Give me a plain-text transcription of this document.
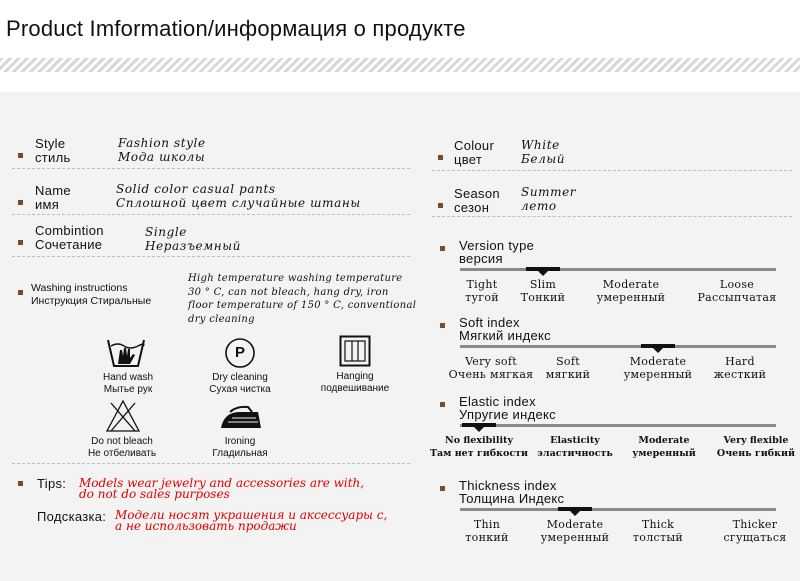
Product Imformation/информация о продукте
Style
стиль
Fashion style
Мода школы
Name
имя
Solid color casual pants
Сплошной цвет случайные штаны
Combintion
Сочетание
Single
Неразъемный
Washing instructions
Инструкция Стиральные
High temperature washing temperature
30 ° C, can not bleach, hang dry, iron
floor temperature of 150 ° C, conventional
dry cleaning
Hand wash
Мытье рук
P
Dry cleaning
Сухая чистка
Hanging
подвешивание
Do not bleach
Не отбеливать
Ironing
Гладильная
Tips: Models wear jewelry and accessories are with,
do not do sales purposes
Подсказка: Модели носят украшения и аксессуары с,
а не использовать продажи
Colour
цвет
White
Белый
Season
сезон
Summer
лето
Version type
версия
Tight
тугой
Slim
Тонкий
Moderate
умеренный
Loose
Рассыпчатая
Soft index
Мягкий индекс
Very soft
Очень мягкая
Soft
мягкий
Moderate
умеренный
Hard
жесткий
Elastic index
Упругие индекс
No flexibility
Там нет гибкости
Elasticity
эластичность
Moderate
умеренный
Very flexible
Очень гибкий
Thickness index
Толщина Индекс
Thin
тонкий
Moderate
умеренный
Thick
толстый
Thicker
сгущаться
